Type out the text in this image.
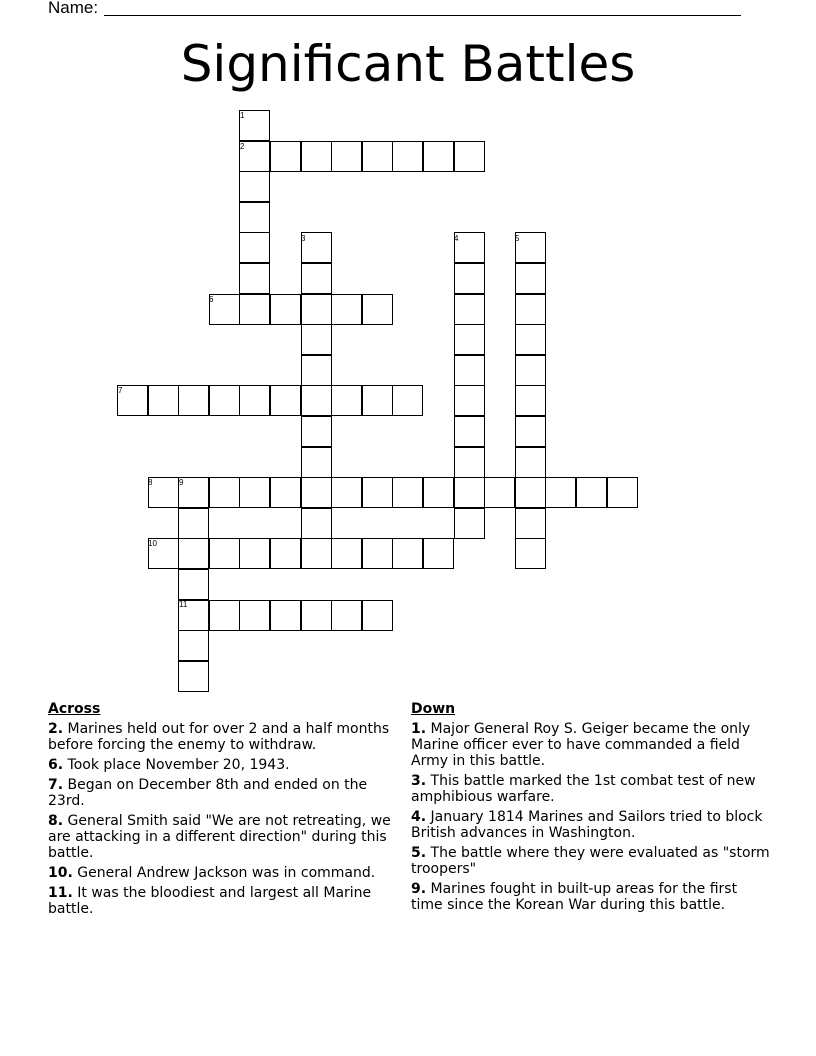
Name:
Significant Battles
1
2
3	4	5
6
7
8	9
10
11
Across
2. Marines held out for over 2 and a half months before forcing the enemy to withdraw.
6. Took place November 20, 1943.
7. Began on December 8th and ended on the 23rd.
8. General Smith said "We are not retreating, we are attacking in a different direction" during this battle.
10. General Andrew Jackson was in command.
11. It was the bloodiest and largest all Marine battle.
Down
1. Major General Roy S. Geiger became the only Marine officer ever to have commanded a field Army in this battle.
3. This battle marked the 1st combat test of new amphibious warfare.
4. January 1814 Marines and Sailors tried to block British advances in Washington.
5. The battle where they were evaluated as "storm troopers"
9. Marines fought in built-up areas for the first time since the Korean War during this battle.
